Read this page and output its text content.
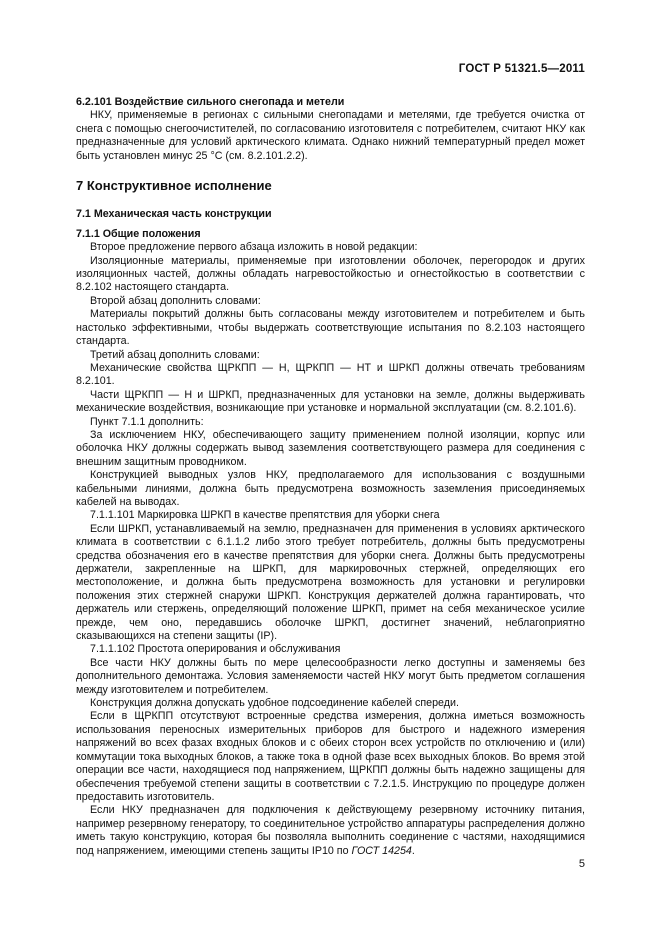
ГОСТ Р 51321.5—2011

6.2.101 Воздействие сильного снегопада и метели

НКУ, применяемые в регионах с сильными снегопадами и метелями, где требуется очистка от снега с помощью снегоочистителей, по согласованию изготовителя с потребителем, считают НКУ как предназначенные для условий арктического климата. Однако нижний температурный предел может быть установлен минус 25 °С (см. 8.2.101.2.2).

7 Конструктивное исполнение

7.1 Механическая часть конструкции

7.1.1 Общие положения

Второе предложение первого абзаца изложить в новой редакции:

Изоляционные материалы, применяемые при изготовлении оболочек, перегородок и других изоляционных частей, должны обладать нагревостойкостью и огнестойкостью в соответствии с 8.2.102 настоящего стандарта.

Второй абзац дополнить словами:

Материалы покрытий должны быть согласованы между изготовителем и потребителем и быть настолько эффективными, чтобы выдержать соответствующие испытания по 8.2.103 настоящего стандарта.

Третий абзац дополнить словами:

Механические свойства ЩРКПП — Н, ЩРКПП — НТ и ШРКП должны отвечать требованиям 8.2.101.

Части ЩРКПП — Н и ШРКП, предназначенных для установки на земле, должны выдерживать механические воздействия, возникающие при установке и нормальной эксплуатации (см. 8.2.101.6).

Пункт 7.1.1 дополнить:

За исключением НКУ, обеспечивающего защиту применением полной изоляции, корпус или оболочка НКУ должны содержать вывод заземления соответствующего размера для соединения с внешним защитным проводником.

Конструкцией выводных узлов НКУ, предполагаемого для использования с воздушными кабельными линиями, должна быть предусмотрена возможность заземления присоединяемых кабелей на выводах.

7.1.1.101 Маркировка ШРКП в качестве препятствия для уборки снега

Если ШРКП, устанавливаемый на землю, предназначен для применения в условиях арктического климата в соответствии с 6.1.1.2 либо этого требует потребитель, должны быть предусмотрены средства обозначения его в качестве препятствия для уборки снега. Должны быть предусмотрены держатели, закрепленные на ШРКП, для маркировочных стержней, определяющих его местоположение, и должна быть предусмотрена возможность для установки и регулировки положения этих стержней снаружи ШРКП. Конструкция держателей должна гарантировать, что держатель или стержень, определяющий положение ШРКП, примет на себя механическое усилие прежде, чем оно, передавшись оболочке ШРКП, достигнет значений, неблагоприятно сказывающихся на степени защиты (IP).

7.1.1.102 Простота оперирования и обслуживания

Все части НКУ должны быть по мере целесообразности легко доступны и заменяемы без дополнительного демонтажа. Условия заменяемости частей НКУ могут быть предметом соглашения между изготовителем и потребителем.

Конструкция должна допускать удобное подсоединение кабелей спереди.

Если в ЩРКПП отсутствуют встроенные средства измерения, должна иметься возможность использования переносных измерительных приборов для быстрого и надежного измерения напряжений во всех фазах входных блоков и с обеих сторон всех устройств по отключению и (или) коммутации тока выходных блоков, а также тока в одной фазе всех выходных блоков. Во время этой операции все части, находящиеся под напряжением, ЩРКПП должны быть надежно защищены для обеспечения требуемой степени защиты в соответствии с 7.2.1.5. Инструкцию по процедуре должен предоставить изготовитель.

Если НКУ предназначен для подключения к действующему резервному источнику питания, например резервному генератору, то соединительное устройство аппаратуры распределения должно иметь такую конструкцию, которая бы позволяла выполнить соединение с частями, находящимися под напряжением, имеющими степень защиты IP10 по ГОСТ 14254.

5
